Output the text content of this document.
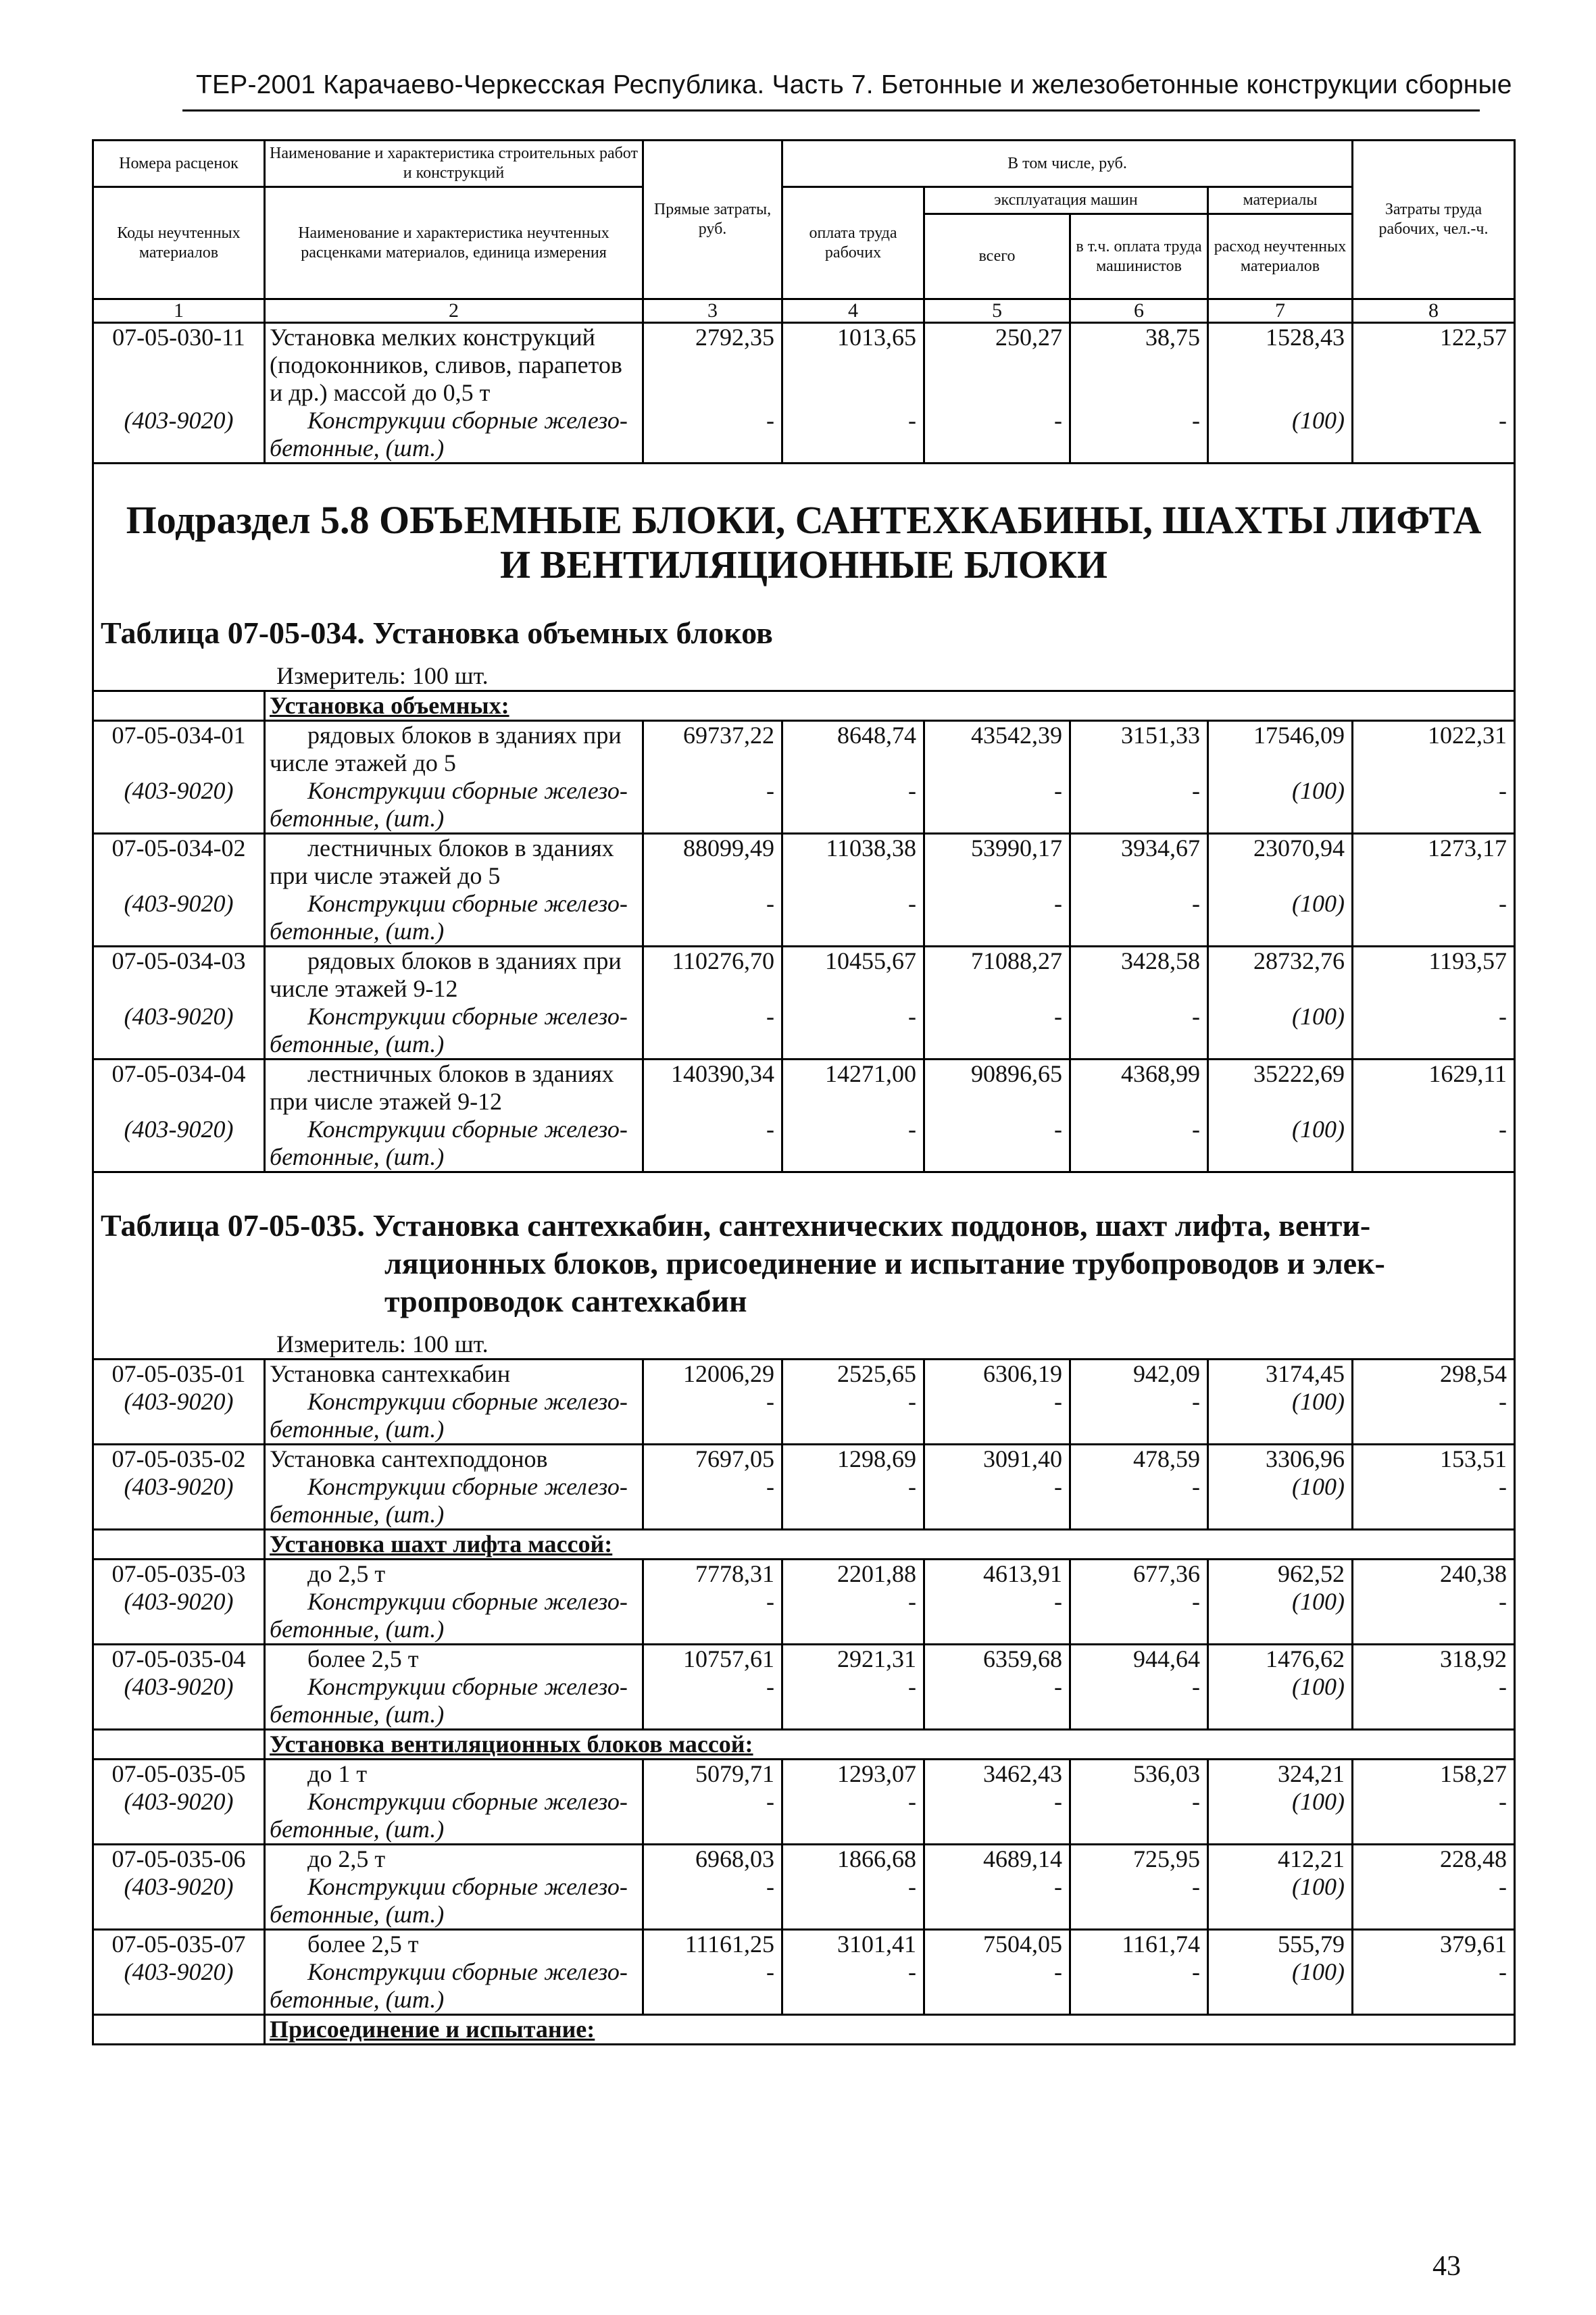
ТЕР-2001 Карачаево-Черкесская Республика. Часть 7. Бетонные и железобетонные конструкции сборные
Номера расценок	Наименование и характеристика строительных работ и конструкций	Прямые затраты, руб.	В том числе, руб.				Затраты труда рабочих, чел.-ч.
Коды неучтенных материалов	Наименование и характеристика неучтенных расценками материалов, единица измерения		оплата труда рабочих	эксплуатация машин		материалы	
				всего	в т.ч. оплата труда машинистов	расход неучтенных материалов	
1	2	3	4	5	6	7	8
07-05-030-11	Установка мелких конструкций	2792,35	1013,65	250,27	38,75	1528,43	122,57
	(подоконников, сливов, парапетов						
	и др.) массой до 0,5 т						
(403-9020)	Конструкции сборные железо-	-	-	-	-	(100)	-
	бетонные, (шт.)						

Подраздел 5.8 ОБЪЕМНЫЕ БЛОКИ, САНТЕХКАБИНЫ, ШАХТЫ ЛИФТА
И ВЕНТИЛЯЦИОННЫЕ БЛОКИ
Таблица 07-05-034. Установка объемных блоков
Измеритель: 100 шт.							

	Установка объемных:						
07-05-034-01	рядовых блоков в зданиях при	69737,22	8648,74	43542,39	3151,33	17546,09	1022,31
	числе этажей до 5						
(403-9020)	Конструкции сборные железо-	-	-	-	-	(100)	-
	бетонные, (шт.)						
07-05-034-02	лестничных блоков в зданиях	88099,49	11038,38	53990,17	3934,67	23070,94	1273,17
	при числе этажей до 5						
(403-9020)	Конструкции сборные железо-	-	-	-	-	(100)	-
	бетонные, (шт.)						
07-05-034-03	рядовых блоков в зданиях при	110276,70	10455,67	71088,27	3428,58	28732,76	1193,57
	числе этажей 9-12						
(403-9020)	Конструкции сборные железо-	-	-	-	-	(100)	-
	бетонные, (шт.)						
07-05-034-04	лестничных блоков в зданиях	140390,34	14271,00	90896,65	4368,99	35222,69	1629,11
	при числе этажей 9-12						
(403-9020)	Конструкции сборные железо-	-	-	-	-	(100)	-
	бетонные, (шт.)						

Таблица 07-05-035. Установка сантехкабин, сантехнических поддонов, шахт лифта, венти-
ляционных блоков, присоединение и испытание трубопроводов и элек-
тропроводок сантехкабин
Измеритель: 100 шт.							

07-05-035-01	Установка сантехкабин	12006,29	2525,65	6306,19	942,09	3174,45	298,54
(403-9020)	Конструкции сборные железо-	-	-	-	-	(100)	-
	бетонные, (шт.)						
07-05-035-02	Установка сантехподдонов	7697,05	1298,69	3091,40	478,59	3306,96	153,51
(403-9020)	Конструкции сборные железо-	-	-	-	-	(100)	-
	бетонные, (шт.)						
	Установка шахт лифта массой:						
07-05-035-03	до 2,5 т	7778,31	2201,88	4613,91	677,36	962,52	240,38
(403-9020)	Конструкции сборные железо-	-	-	-	-	(100)	-
	бетонные, (шт.)						
07-05-035-04	более 2,5 т	10757,61	2921,31	6359,68	944,64	1476,62	318,92
(403-9020)	Конструкции сборные железо-	-	-	-	-	(100)	-
	бетонные, (шт.)						
	Установка вентиляционных блоков массой:						
07-05-035-05	до 1 т	5079,71	1293,07	3462,43	536,03	324,21	158,27
(403-9020)	Конструкции сборные железо-	-	-	-	-	(100)	-
	бетонные, (шт.)						
07-05-035-06	до 2,5 т	6968,03	1866,68	4689,14	725,95	412,21	228,48
(403-9020)	Конструкции сборные железо-	-	-	-	-	(100)	-
	бетонные, (шт.)						
07-05-035-07	более 2,5 т	11161,25	3101,41	7504,05	1161,74	555,79	379,61
(403-9020)	Конструкции сборные железо-	-	-	-	-	(100)	-
	бетонные, (шт.)						
	Присоединение и испытание:						
43
